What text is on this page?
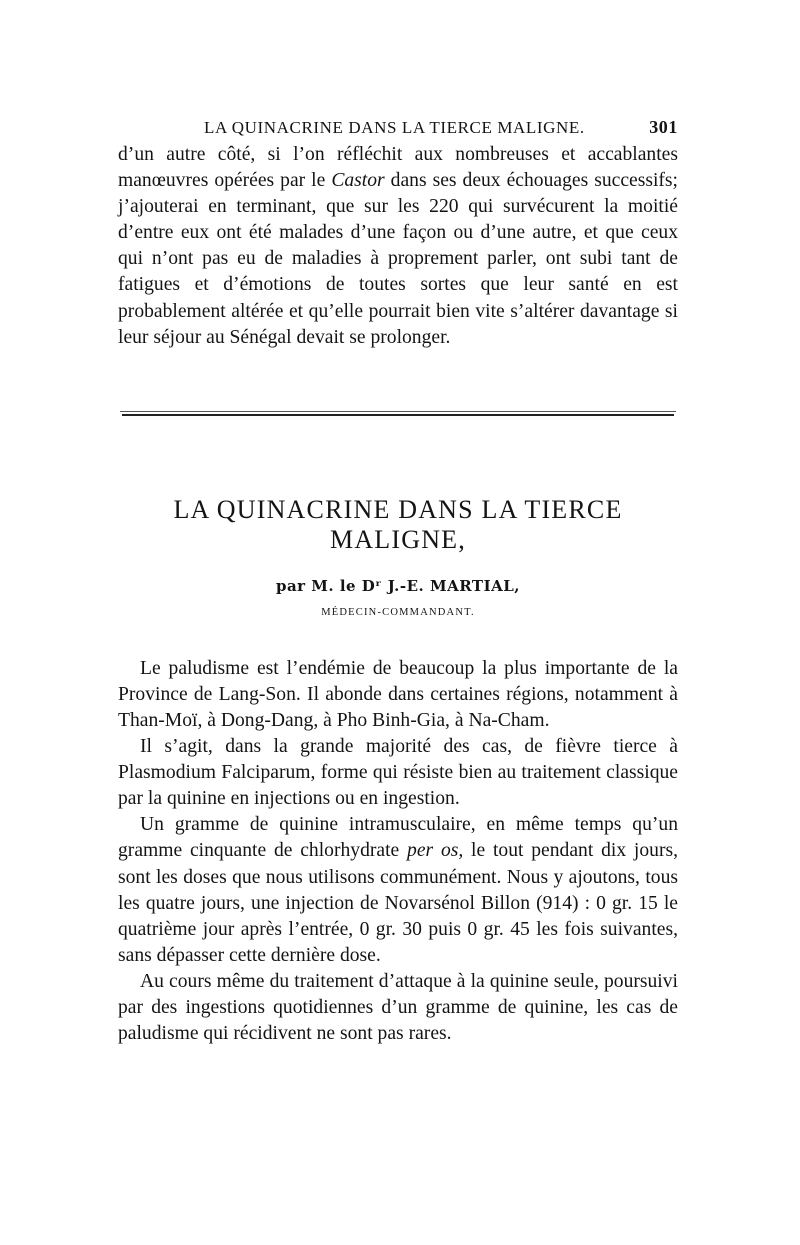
LA QUINACRINE DANS LA TIERCE MALIGNE.	301

d’un autre côté, si l’on réfléchit aux nombreuses et accablantes manœuvres opérées par le Castor dans ses deux échouages successifs; j’ajouterai en terminant, que sur les 220 qui survécurent la moitié d’entre eux ont été malades d’une façon ou d’une autre, et que ceux qui n’ont pas eu de maladies à proprement parler, ont subi tant de fatigues et d’émotions de toutes sortes que leur santé en est probablement altérée et qu’elle pourrait bien vite s’altérer davantage si leur séjour au Sénégal devait se prolonger.

LA QUINACRINE DANS LA TIERCE MALIGNE,
par M. le Dʳ J.-E. MARTIAL,
MÉDECIN-COMMANDANT.

Le paludisme est l’endémie de beaucoup la plus importante de la Province de Lang-Son. Il abonde dans certaines régions, notamment à Than-Moï, à Dong-Dang, à Pho Binh-Gia, à Na-Cham.

Il s’agit, dans la grande majorité des cas, de fièvre tierce à Plasmodium Falciparum, forme qui résiste bien au traitement classique par la quinine en injections ou en ingestion.

Un gramme de quinine intramusculaire, en même temps qu’un gramme cinquante de chlorhydrate per os, le tout pendant dix jours, sont les doses que nous utilisons communément. Nous y ajoutons, tous les quatre jours, une injection de Novarsénol Billon (914) : 0 gr. 15 le quatrième jour après l’entrée, 0 gr. 30 puis 0 gr. 45 les fois suivantes, sans dépasser cette dernière dose.

Au cours même du traitement d’attaque à la quinine seule, poursuivi par des ingestions quotidiennes d’un gramme de quinine, les cas de paludisme qui récidivent ne sont pas rares.
